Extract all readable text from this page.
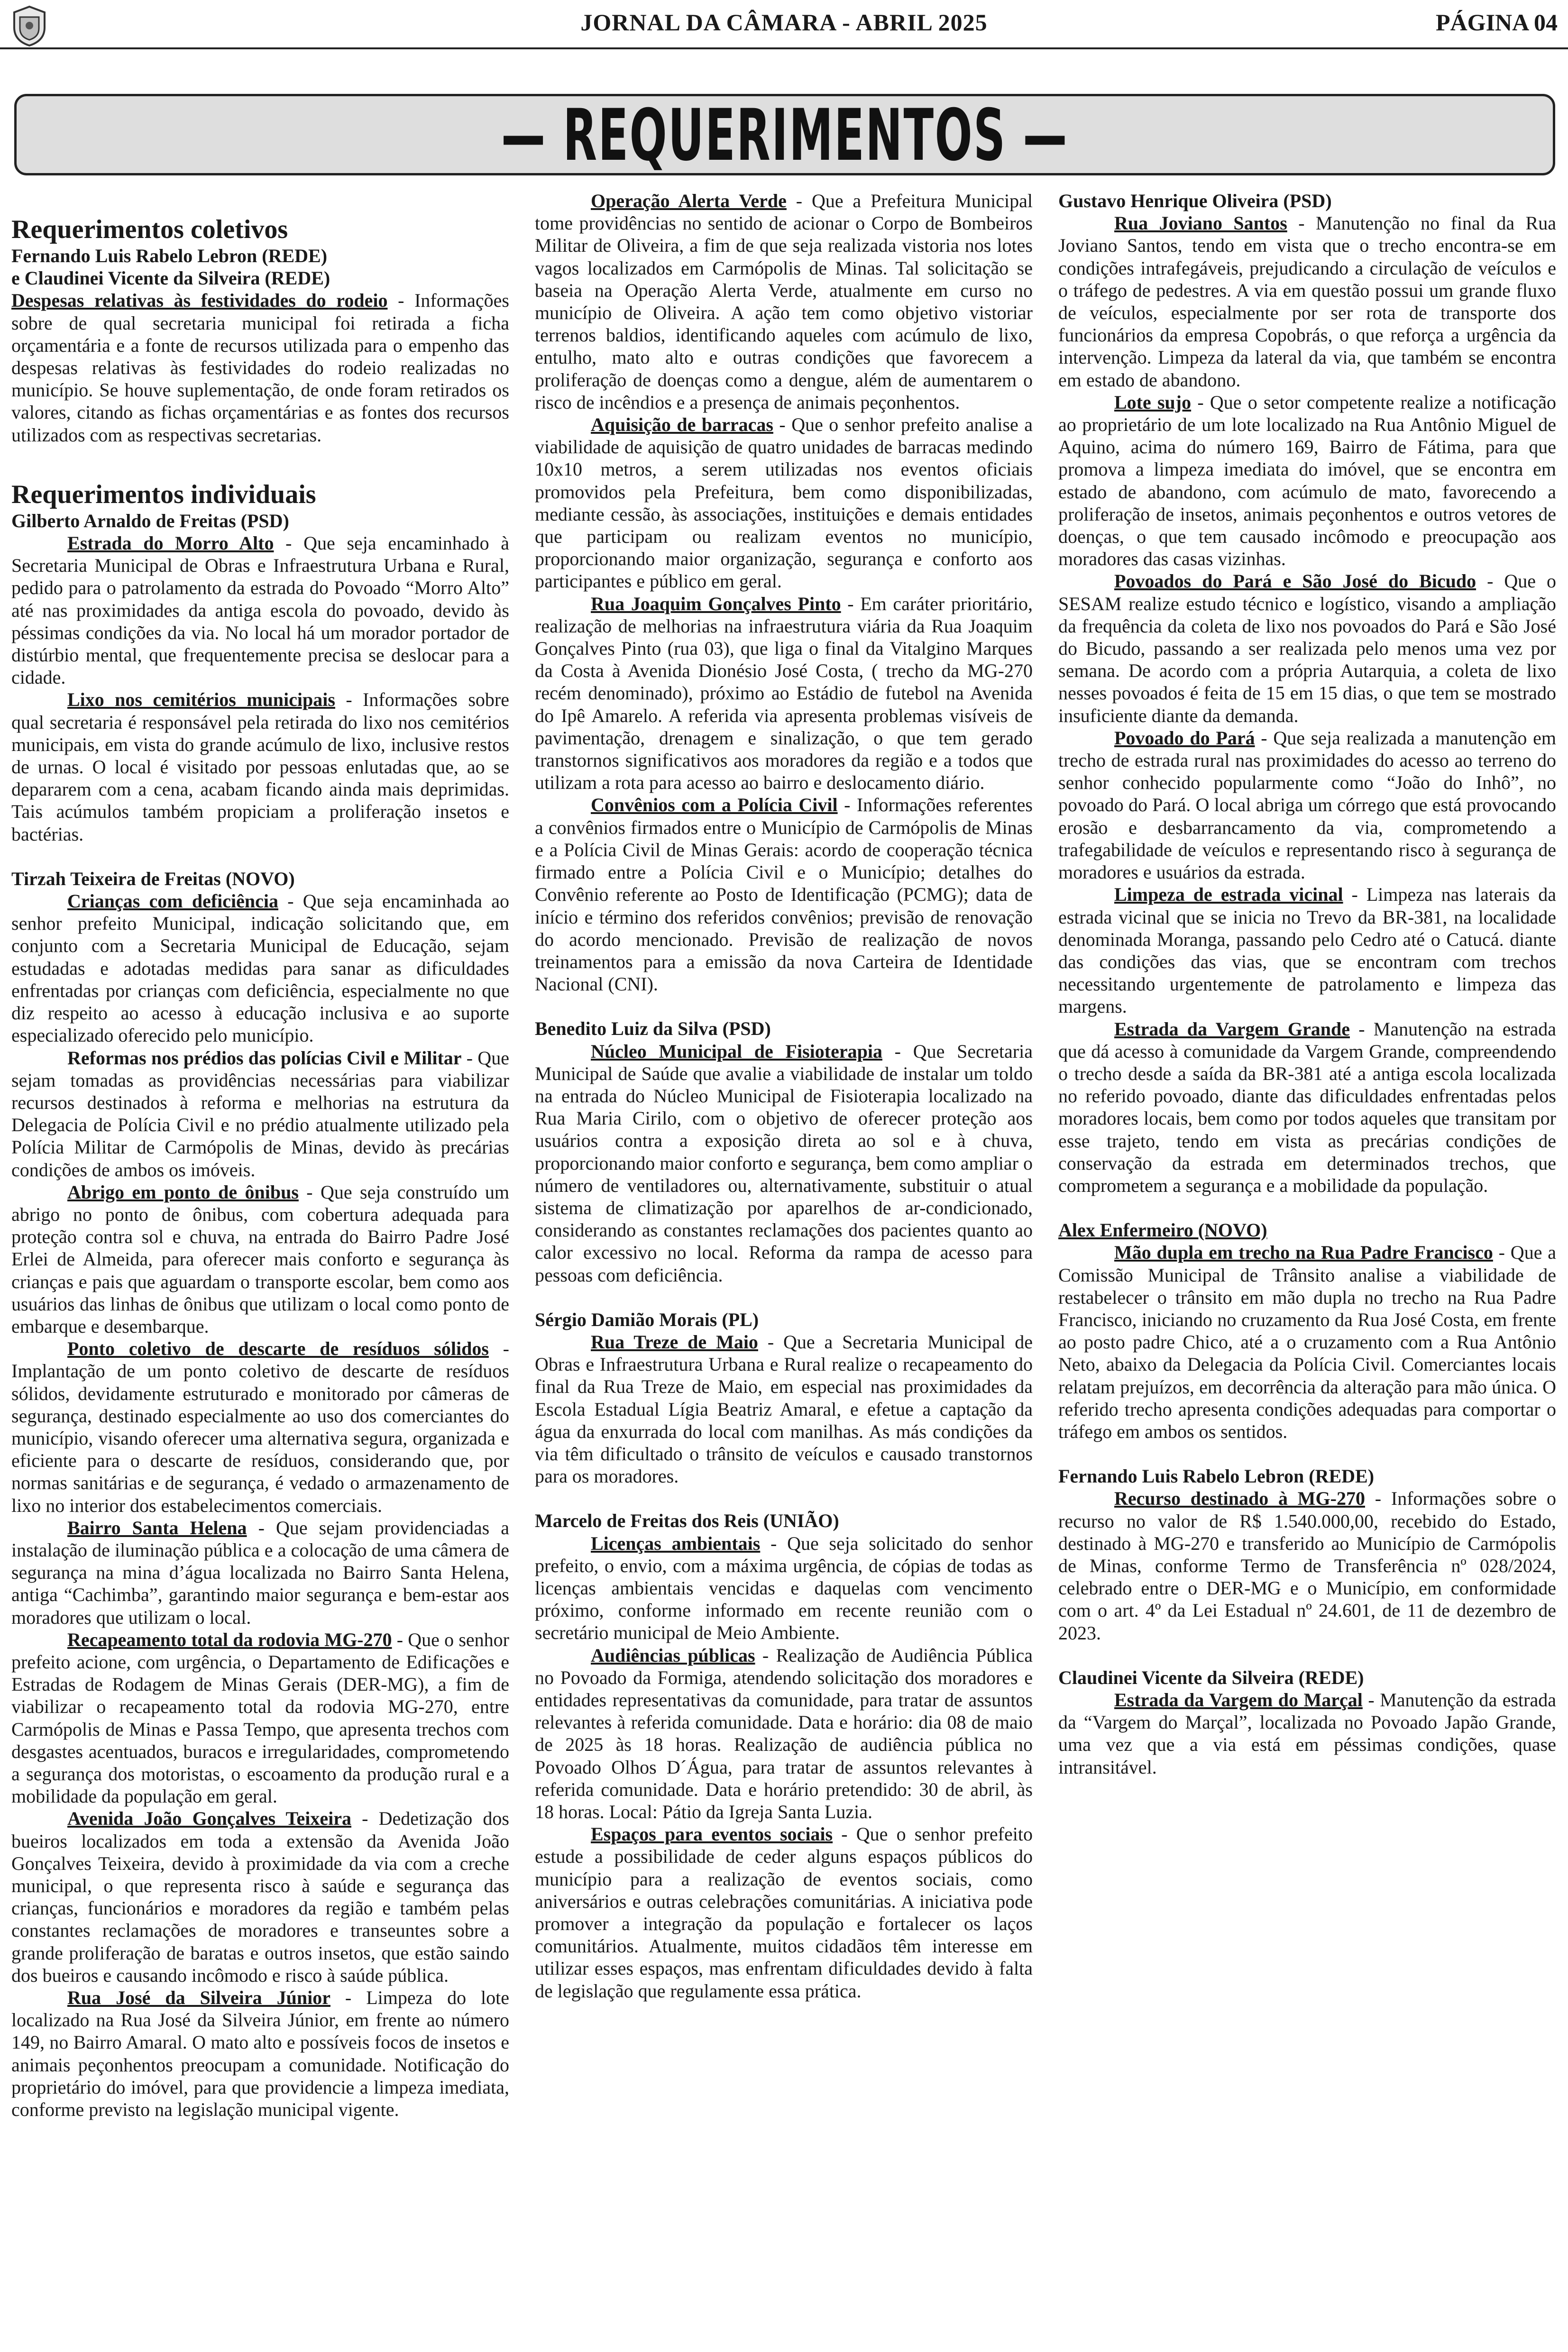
JORNAL DA CÂMARA - ABRIL 2025	PÁGINA 04
— REQUERIMENTOS —

Requerimentos coletivos

Fernando Luis Rabelo Lebron (REDE)

e Claudinei Vicente da Silveira (REDE)

Despesas relativas às festividades do rodeio - Informações sobre de qual secretaria municipal foi retirada a ficha orçamentária e a fonte de recursos utilizada para o empenho das despesas relativas às festividades do rodeio realizadas no município. Se houve suplementação, de onde foram retirados os valores, citando as fichas orçamentárias e as fontes dos recursos utilizados com as respectivas secretarias.

Requerimentos individuais

Gilberto Arnaldo de Freitas (PSD)

Estrada do Morro Alto - Que seja encaminhado à Secretaria Municipal de Obras e Infraestrutura Urbana e Rural, pedido para o patrolamento da estrada do Povoado “Morro Alto” até nas proximidades da antiga escola do povoado, devido às péssimas condições da via. No local há um morador portador de distúrbio mental, que frequentemente precisa se deslocar para a cidade.

Lixo nos cemitérios municipais - Informações sobre qual secretaria é responsável pela retirada do lixo nos cemitérios municipais, em vista do grande acúmulo de lixo, inclusive restos de urnas. O local é visitado por pessoas enlutadas que, ao se depararem com a cena, acabam ficando ainda mais deprimidas. Tais acúmulos também propiciam a proliferação insetos e bactérias.

Tirzah Teixeira de Freitas (NOVO)

Crianças com deficiência - Que seja encaminhada ao senhor prefeito Municipal, indicação solicitando que, em conjunto com a Secretaria Municipal de Educação, sejam estudadas e adotadas medidas para sanar as dificuldades enfrentadas por crianças com deficiência, especialmente no que diz respeito ao acesso à educação inclusiva e ao suporte especializado oferecido pelo município.

Reformas nos prédios das polícias Civil e Militar - Que sejam tomadas as providências necessárias para viabilizar recursos destinados à reforma e melhorias na estrutura da Delegacia de Polícia Civil e no prédio atualmente utilizado pela Polícia Militar de Carmópolis de Minas, devido às precárias condições de ambos os imóveis.

Abrigo em ponto de ônibus - Que seja construído um abrigo no ponto de ônibus, com cobertura adequada para proteção contra sol e chuva, na entrada do Bairro Padre José Erlei de Almeida, para oferecer mais conforto e segurança às crianças e pais que aguardam o transporte escolar, bem como aos usuários das linhas de ônibus que utilizam o local como ponto de embarque e desembarque.

Ponto coletivo de descarte de resíduos sólidos - Implantação de um ponto coletivo de descarte de resíduos sólidos, devidamente estruturado e monitorado por câmeras de segurança, destinado especialmente ao uso dos comerciantes do município, visando oferecer uma alternativa segura, organizada e eficiente para o descarte de resíduos, considerando que, por normas sanitárias e de segurança, é vedado o armazenamento de lixo no interior dos estabelecimentos comerciais.

Bairro Santa Helena - Que sejam providenciadas a instalação de iluminação pública e a colocação de uma câmera de segurança na mina d’água localizada no Bairro Santa Helena, antiga “Cachimba”, garantindo maior segurança e bem-estar aos moradores que utilizam o local.

Recapeamento total da rodovia MG-270 - Que o senhor prefeito acione, com urgência, o Departamento de Edificações e Estradas de Rodagem de Minas Gerais (DER-MG), a fim de viabilizar o recapeamento total da rodovia MG-270, entre Carmópolis de Minas e Passa Tempo, que apresenta trechos com desgastes acentuados, buracos e irregularidades, comprometendo a segurança dos motoristas, o escoamento da produção rural e a mobilidade da população em geral.

Avenida João Gonçalves Teixeira - Dedetização dos bueiros localizados em toda a extensão da Avenida João Gonçalves Teixeira, devido à proximidade da via com a creche municipal, o que representa risco à saúde e segurança das crianças, funcionários e moradores da região e também pelas constantes reclamações de moradores e transeuntes sobre a grande proliferação de baratas e outros insetos, que estão saindo dos bueiros e causando incômodo e risco à saúde pública.

Rua José da Silveira Júnior - Limpeza do lote localizado na Rua José da Silveira Júnior, em frente ao número 149, no Bairro Amaral. O mato alto e possíveis focos de insetos e animais peçonhentos preocupam a comunidade. Notificação do proprietário do imóvel, para que providencie a limpeza imediata, conforme previsto na legislação municipal vigente.

Operação Alerta Verde - Que a Prefeitura Municipal tome providências no sentido de acionar o Corpo de Bombeiros Militar de Oliveira, a fim de que seja realizada vistoria nos lotes vagos localizados em Carmópolis de Minas. Tal solicitação se baseia na Operação Alerta Verde, atualmente em curso no município de Oliveira. A ação tem como objetivo vistoriar terrenos baldios, identificando aqueles com acúmulo de lixo, entulho, mato alto e outras condições que favorecem a proliferação de doenças como a dengue, além de aumentarem o risco de incêndios e a presença de animais peçonhentos.

Aquisição de barracas - Que o senhor prefeito analise a viabilidade de aquisição de quatro unidades de barracas medindo 10x10 metros, a serem utilizadas nos eventos oficiais promovidos pela Prefeitura, bem como disponibilizadas, mediante cessão, às associações, instituições e demais entidades que participam ou realizam eventos no município, proporcionando maior organização, segurança e conforto aos participantes e público em geral.

Rua Joaquim Gonçalves Pinto - Em caráter prioritário, realização de melhorias na infraestrutura viária da Rua Joaquim Gonçalves Pinto (rua 03), que liga o final da Vitalgino Marques da Costa à Avenida Dionésio José Costa, ( trecho da MG-270 recém denominado), próximo ao Estádio de futebol na Avenida do Ipê Amarelo. A referida via apresenta problemas visíveis de pavimentação, drenagem e sinalização, o que tem gerado transtornos significativos aos moradores da região e a todos que utilizam a rota para acesso ao bairro e deslocamento diário.

Convênios com a Polícia Civil - Informações referentes a convênios firmados entre o Município de Carmópolis de Minas e a Polícia Civil de Minas Gerais: acordo de cooperação técnica firmado entre a Polícia Civil e o Município; detalhes do Convênio referente ao Posto de Identificação (PCMG); data de início e término dos referidos convênios; previsão de renovação do acordo mencionado. Previsão de realização de novos treinamentos para a emissão da nova Carteira de Identidade Nacional (CNI).

Benedito Luiz da Silva (PSD)

Núcleo Municipal de Fisioterapia - Que Secretaria Municipal de Saúde que avalie a viabilidade de instalar um toldo na entrada do Núcleo Municipal de Fisioterapia localizado na Rua Maria Cirilo, com o objetivo de oferecer proteção aos usuários contra a exposição direta ao sol e à chuva, proporcionando maior conforto e segurança, bem como ampliar o número de ventiladores ou, alternativamente, substituir o atual sistema de climatização por aparelhos de ar-condicionado, considerando as constantes reclamações dos pacientes quanto ao calor excessivo no local. Reforma da rampa de acesso para pessoas com deficiência.

Sérgio Damião Morais (PL)

Rua Treze de Maio - Que a Secretaria Municipal de Obras e Infraestrutura Urbana e Rural realize o recapeamento do final da Rua Treze de Maio, em especial nas proximidades da Escola Estadual Lígia Beatriz Amaral, e efetue a captação da água da enxurrada do local com manilhas. As más condições da via têm dificultado o trânsito de veículos e causado transtornos para os moradores.

Marcelo de Freitas dos Reis (UNIÃO)

Licenças ambientais - Que seja solicitado do senhor prefeito, o envio, com a máxima urgência, de cópias de todas as licenças ambientais vencidas e daquelas com vencimento próximo, conforme informado em recente reunião com o secretário municipal de Meio Ambiente.

Audiências públicas - Realização de Audiência Pública no Povoado da Formiga, atendendo solicitação dos moradores e entidades representativas da comunidade, para tratar de assuntos relevantes à referida comunidade. Data e horário: dia 08 de maio de 2025 às 18 horas. Realização de audiência pública no Povoado Olhos D´Água, para tratar de assuntos relevantes à referida comunidade. Data e horário pretendido: 30 de abril, às 18 horas. Local: Pátio da Igreja Santa Luzia.

Espaços para eventos sociais - Que o senhor prefeito estude a possibilidade de ceder alguns espaços públicos do município para a realização de eventos sociais, como aniversários e outras celebrações comunitárias. A iniciativa pode promover a integração da população e fortalecer os laços comunitários. Atualmente, muitos cidadãos têm interesse em utilizar esses espaços, mas enfrentam dificuldades devido à falta de legislação que regulamente essa prática.

Gustavo Henrique Oliveira (PSD)

Rua Joviano Santos - Manutenção no final da Rua Joviano Santos, tendo em vista que o trecho encontra-se em condições intrafegáveis, prejudicando a circulação de veículos e o tráfego de pedestres. A via em questão possui um grande fluxo de veículos, especialmente por ser rota de transporte dos funcionários da empresa Copobrás, o que reforça a urgência da intervenção. Limpeza da lateral da via, que também se encontra em estado de abandono.

Lote sujo - Que o setor competente realize a notificação ao proprietário de um lote localizado na Rua Antônio Miguel de Aquino, acima do número 169, Bairro de Fátima, para que promova a limpeza imediata do imóvel, que se encontra em estado de abandono, com acúmulo de mato, favorecendo a proliferação de insetos, animais peçonhentos e outros vetores de doenças, o que tem causado incômodo e preocupação aos moradores das casas vizinhas.

Povoados do Pará e São José do Bicudo - Que o SESAM realize estudo técnico e logístico, visando a ampliação da frequência da coleta de lixo nos povoados do Pará e São José do Bicudo, passando a ser realizada pelo menos uma vez por semana. De acordo com a própria Autarquia, a coleta de lixo nesses povoados é feita de 15 em 15 dias, o que tem se mostrado insuficiente diante da demanda.

Povoado do Pará - Que seja realizada a manutenção em trecho de estrada rural nas proximidades do acesso ao terreno do senhor conhecido popularmente como “João do Inhô”, no povoado do Pará. O local abriga um córrego que está provocando erosão e desbarrancamento da via, comprometendo a trafegabilidade de veículos e representando risco à segurança de moradores e usuários da estrada.

Limpeza de estrada vicinal - Limpeza nas laterais da estrada vicinal que se inicia no Trevo da BR-381, na localidade denominada Moranga, passando pelo Cedro até o Catucá. diante das condições das vias, que se encontram com trechos necessitando urgentemente de patrolamento e limpeza das margens.

Estrada da Vargem Grande - Manutenção na estrada que dá acesso à comunidade da Vargem Grande, compreendendo o trecho desde a saída da BR-381 até a antiga escola localizada no referido povoado, diante das dificuldades enfrentadas pelos moradores locais, bem como por todos aqueles que transitam por esse trajeto, tendo em vista as precárias condições de conservação da estrada em determinados trechos, que comprometem a segurança e a mobilidade da população.

Alex Enfermeiro (NOVO)

Mão dupla em trecho na Rua Padre Francisco - Que a Comissão Municipal de Trânsito analise a viabilidade de restabelecer o trânsito em mão dupla no trecho na Rua Padre Francisco, iniciando no cruzamento da Rua José Costa, em frente ao posto padre Chico, até a o cruzamento com a Rua Antônio Neto, abaixo da Delegacia da Polícia Civil. Comerciantes locais relatam prejuízos, em decorrência da alteração para mão única. O referido trecho apresenta condições adequadas para comportar o tráfego em ambos os sentidos.

Fernando Luis Rabelo Lebron (REDE)

Recurso destinado à MG-270 - Informações sobre o recurso no valor de R$ 1.540.000,00, recebido do Estado, destinado à MG-270 e transferido ao Município de Carmópolis de Minas, conforme Termo de Transferência nº 028/2024, celebrado entre o DER-MG e o Município, em conformidade com o art. 4º da Lei Estadual nº 24.601, de 11 de dezembro de 2023.

Claudinei Vicente da Silveira (REDE)

Estrada da Vargem do Marçal - Manutenção da estrada da “Vargem do Marçal”, localizada no Povoado Japão Grande, uma vez que a via está em péssimas condições, quase intransitável.
